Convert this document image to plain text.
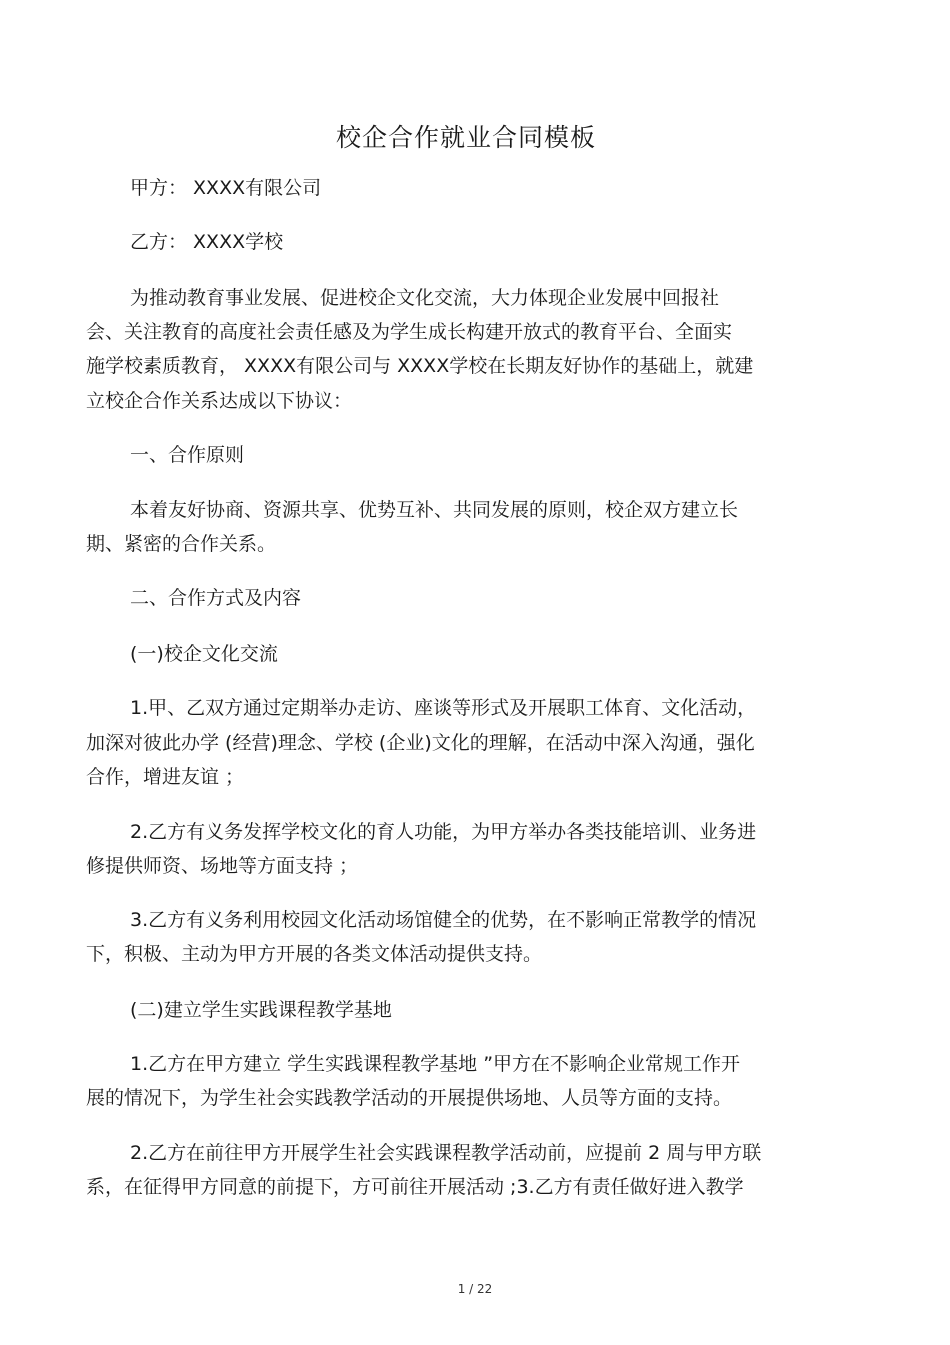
校企合作就业合同模板
甲方： XXXX有限公司
乙方： XXXX学校
为推动教育事业发展、促进校企文化交流，大力体现企业发展中回报社
会、关注教育的高度社会责任感及为学生成长构建开放式的教育平台、全面实
施学校素质教育， XXXX有限公司与 XXXX学校在长期友好协作的基础上，就建
立校企合作关系达成以下协议：
一、合作原则
本着友好协商、资源共享、优势互补、共同发展的原则，校企双方建立长
期、紧密的合作关系。
二、合作方式及内容
(一)校企文化交流
1.甲、乙双方通过定期举办走访、座谈等形式及开展职工体育、文化活动，
加深对彼此办学 (经营)理念、学校 (企业)文化的理解，在活动中深入沟通，强化
合作，增进友谊 ；
2.乙方有义务发挥学校文化的育人功能，为甲方举办各类技能培训、业务进
修提供师资、场地等方面支持 ；
3.乙方有义务利用校园文化活动场馆健全的优势，在不影响正常教学的情况
下，积极、主动为甲方开展的各类文体活动提供支持。
(二)建立学生实践课程教学基地
1.乙方在甲方建立 学生实践课程教学基地 ”甲方在不影响企业常规工作开
展的情况下，为学生社会实践教学活动的开展提供场地、人员等方面的支持。
2.乙方在前往甲方开展学生社会实践课程教学活动前，应提前 2 周与甲方联
系，在征得甲方同意的前提下，方可前往开展活动 ;3.乙方有责任做好进入教学
1 / 22
